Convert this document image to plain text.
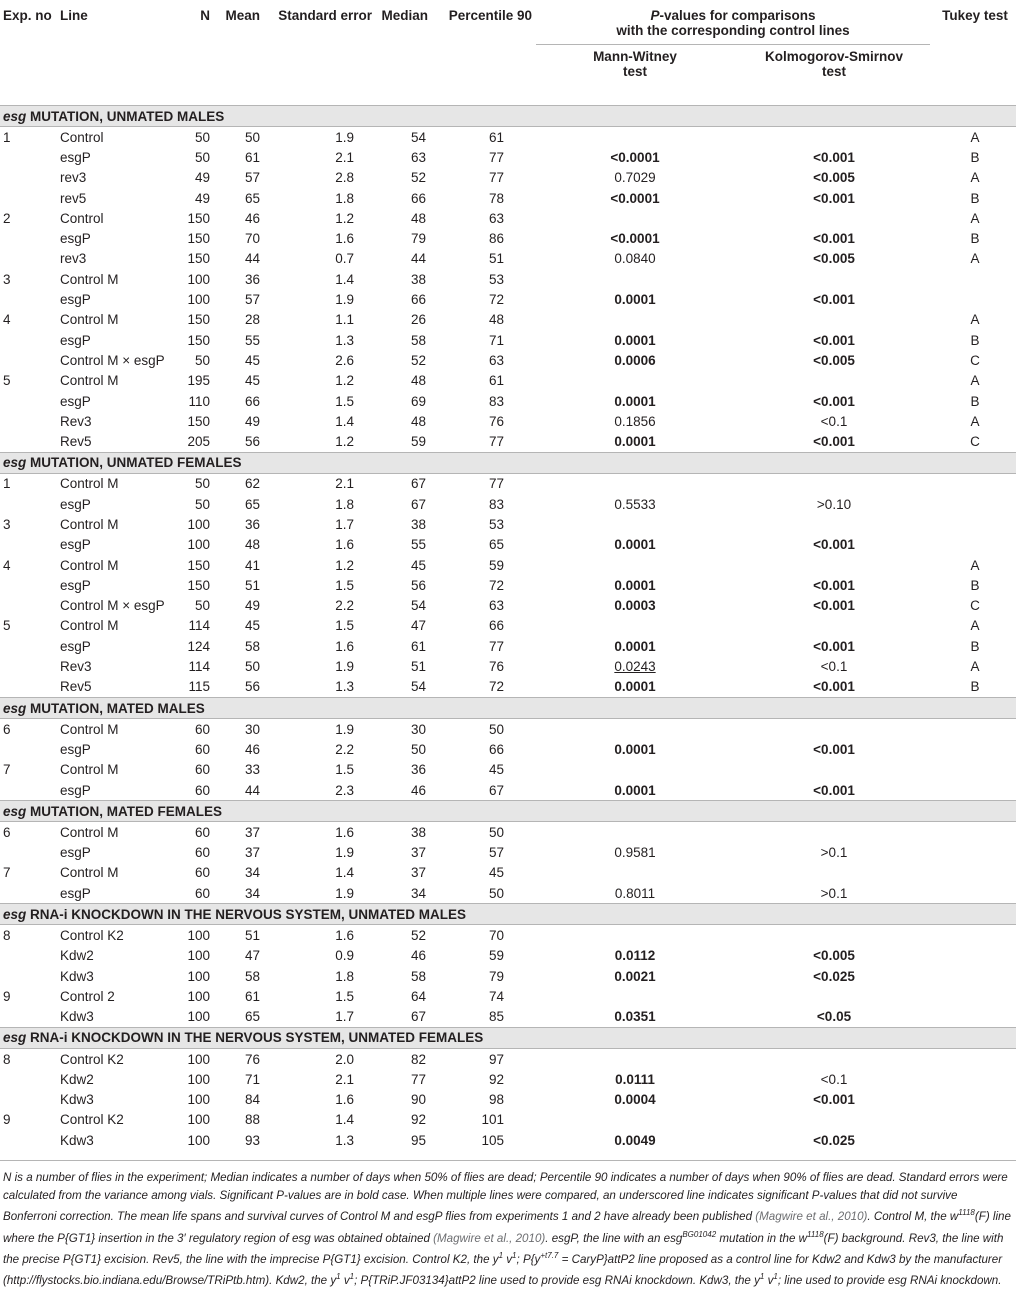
Exp. no	Line	N	Mean	Standard error	Median	Percentile 90	P-values for comparisons
with the corresponding control lines		Tukey test
							Mann-Witney
test	Kolmogorov-Smirnov
test	
esg MUTATION, UNMATED MALES									
1	Control	50	50	1.9	54	61			A
	esgP	50	61	2.1	63	77	<0.0001	<0.001	B
	rev3	49	57	2.8	52	77	0.7029	<0.005	A
	rev5	49	65	1.8	66	78	<0.0001	<0.001	B
2	Control	150	46	1.2	48	63			A
	esgP	150	70	1.6	79	86	<0.0001	<0.001	B
	rev3	150	44	0.7	44	51	0.0840	<0.005	A
3	Control M	100	36	1.4	38	53			
	esgP	100	57	1.9	66	72	0.0001	<0.001	
4	Control M	150	28	1.1	26	48			A
	esgP	150	55	1.3	58	71	0.0001	<0.001	B
	Control M × esgP	50	45	2.6	52	63	0.0006	<0.005	C
5	Control M	195	45	1.2	48	61			A
	esgP	110	66	1.5	69	83	0.0001	<0.001	B
	Rev3	150	49	1.4	48	76	0.1856	<0.1	A
	Rev5	205	56	1.2	59	77	0.0001	<0.001	C
esg MUTATION, UNMATED FEMALES									
1	Control M	50	62	2.1	67	77			
	esgP	50	65	1.8	67	83	0.5533	>0.10	
3	Control M	100	36	1.7	38	53			
	esgP	100	48	1.6	55	65	0.0001	<0.001	
4	Control M	150	41	1.2	45	59			A
	esgP	150	51	1.5	56	72	0.0001	<0.001	B
	Control M × esgP	50	49	2.2	54	63	0.0003	<0.001	C
5	Control M	114	45	1.5	47	66			A
	esgP	124	58	1.6	61	77	0.0001	<0.001	B
	Rev3	114	50	1.9	51	76	0.0243	<0.1	A
	Rev5	115	56	1.3	54	72	0.0001	<0.001	B
esg MUTATION, MATED MALES									
6	Control M	60	30	1.9	30	50			
	esgP	60	46	2.2	50	66	0.0001	<0.001	
7	Control M	60	33	1.5	36	45			
	esgP	60	44	2.3	46	67	0.0001	<0.001	
esg MUTATION, MATED FEMALES									
6	Control M	60	37	1.6	38	50			
	esgP	60	37	1.9	37	57	0.9581	>0.1	
7	Control M	60	34	1.4	37	45			
	esgP	60	34	1.9	34	50	0.8011	>0.1	
esg RNA-i KNOCKDOWN IN THE NERVOUS SYSTEM, UNMATED MALES									
8	Control K2	100	51	1.6	52	70			
	Kdw2	100	47	0.9	46	59	0.0112	<0.005	
	Kdw3	100	58	1.8	58	79	0.0021	<0.025	
9	Control 2	100	61	1.5	64	74			
	Kdw3	100	65	1.7	67	85	0.0351	<0.05	
esg RNA-i KNOCKDOWN IN THE NERVOUS SYSTEM, UNMATED FEMALES									
8	Control K2	100	76	2.0	82	97			
	Kdw2	100	71	2.1	77	92	0.0111	<0.1	
	Kdw3	100	84	1.6	90	98	0.0004	<0.001	
9	Control K2	100	88	1.4	92	101			
	Kdw3	100	93	1.3	95	105	0.0049	<0.025	
N is a number of flies in the experiment; Median indicates a number of days when 50% of flies are dead; Percentile 90 indicates a number of days when 90% of flies are dead. Standard errors were calculated from the variance among vials. Significant P-values are in bold case. When multiple lines were compared, an underscored line indicates significant P-values that did not survive Bonferroni correction. The mean life spans and survival curves of Control M and esgP flies from experiments 1 and 2 have already been published (Magwire et al., 2010). Control M, the $w^{1118}(F)$ line where the P{GT1} insertion in the 3′ regulatory region of esg was obtained obtained (Magwire et al., 2010). esgP, the line with an esg$^{BG01042}$ mutation in the $w^{1118}(F)$ background. Rev3, the line with the precise P{GT1} excision. Rev5, the line with the imprecise P{GT1} excision. Control K2, the $y^1$ $v^1$; $P\{y^{+t7.7}$ = CaryP}attP2 line proposed as a control line for Kdw2 and Kdw3 by the manufacturer (http://flystocks.bio.indiana.edu/Browse/TRiPtb.htm). Kdw2, the $y^1$ $v^1$; P{TRiP.JF03134}attP2 line used to provide esg RNAi knockdown. Kdw3, the $y^1$ $v^1$; line used to provide esg RNAi knockdown.
